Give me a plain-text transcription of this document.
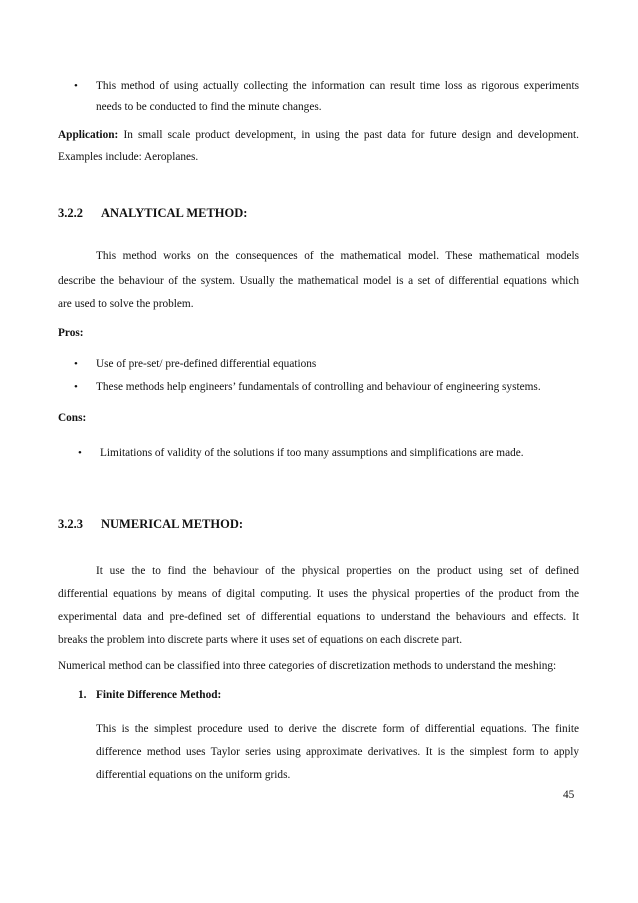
• This method of using actually collecting the information can result time loss as rigorous experiments
needs to be conducted to find the minute changes.
Application: In small scale product development, in using the past data for future design and development.
Examples include: Aeroplanes.
3.2.2 ANALYTICAL METHOD:
This method works on the consequences of the mathematical model. These mathematical models
describe the behaviour of the system. Usually the mathematical model is a set of differential equations which
are used to solve the problem.
Pros:
• Use of pre-set/ pre-defined differential equations
• These methods help engineers’ fundamentals of controlling and behaviour of engineering systems.
Cons:
• Limitations of validity of the solutions if too many assumptions and simplifications are made.
3.2.3 NUMERICAL METHOD:
It use the to find the behaviour of the physical properties on the product using set of defined
differential equations by means of digital computing. It uses the physical properties of the product from the
experimental data and pre-defined set of differential equations to understand the behaviours and effects. It
breaks the problem into discrete parts where it uses set of equations on each discrete part.
Numerical method can be classified into three categories of discretization methods to understand the meshing:
1. Finite Difference Method:
This is the simplest procedure used to derive the discrete form of differential equations. The finite
difference method uses Taylor series using approximate derivatives. It is the simplest form to apply
differential equations on the uniform grids.
45
